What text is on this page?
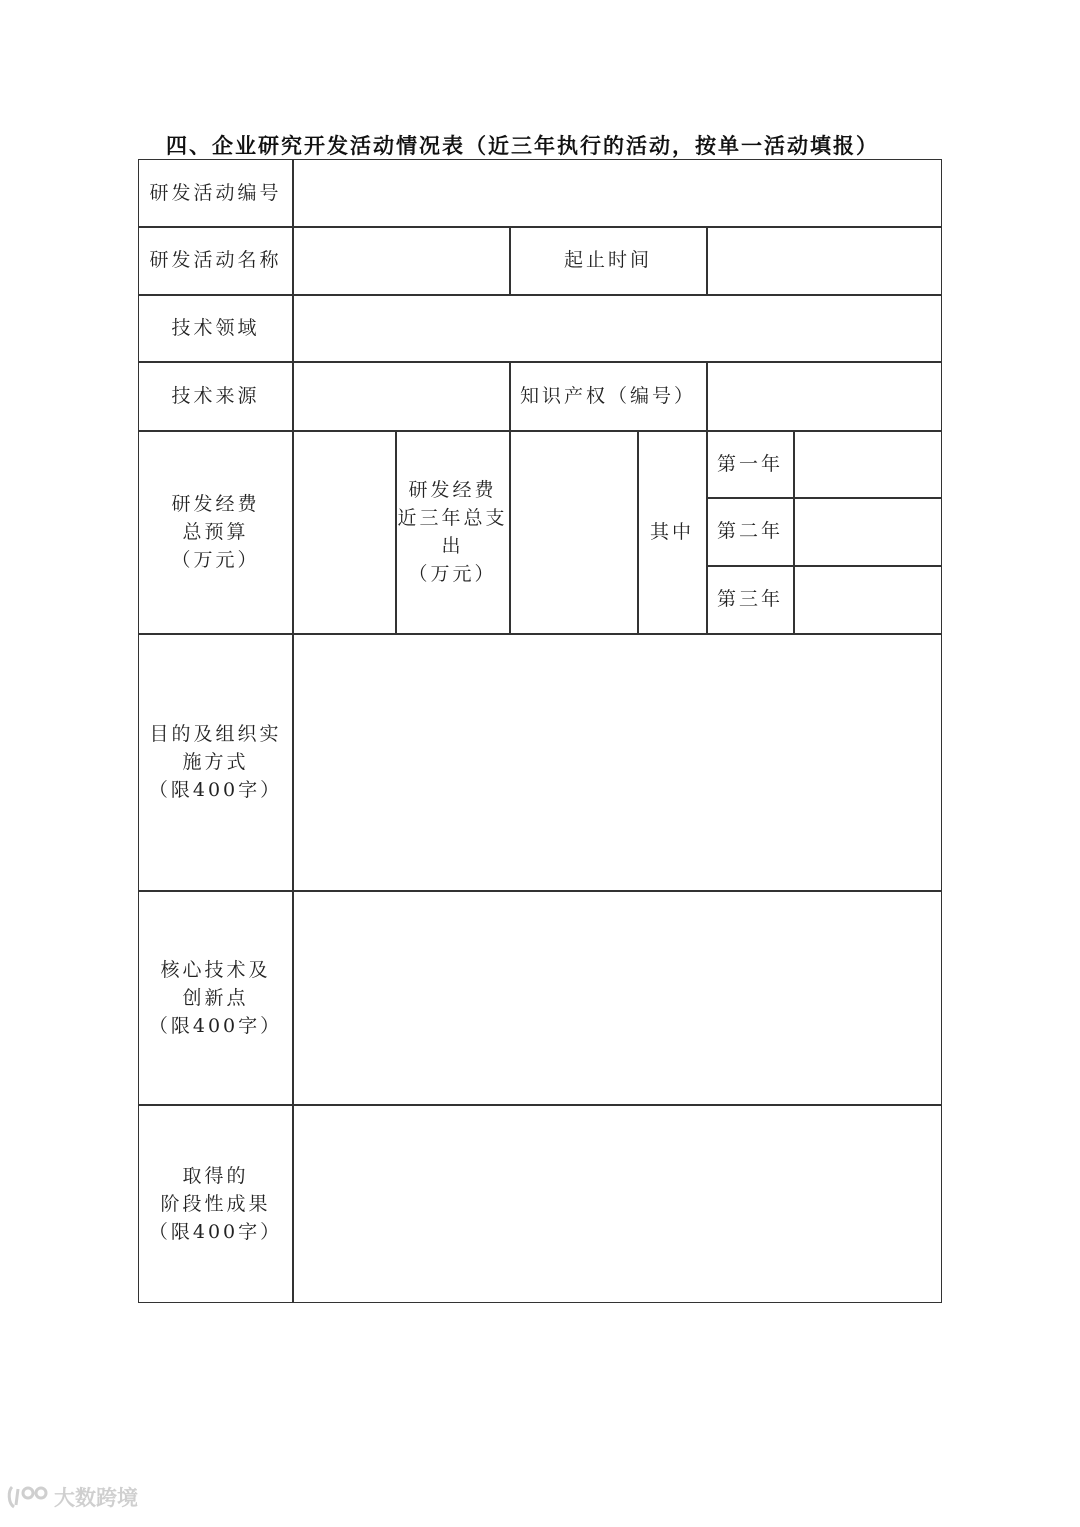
四、企业研究开发活动情况表（近三年执行的活动，按单一活动填报）
研发活动编号
研发活动名称	起止时间
技术领域
技术来源	知识产权（编号）
研发经费
总预算
（万元）
研发经费
近三年总支
出
（万元）
其中
第一年
第二年
第三年
目的及组织实
施方式
（限400字）
核心技术及
创新点
（限400字）
取得的
阶段性成果
（限400字）
大数跨境
